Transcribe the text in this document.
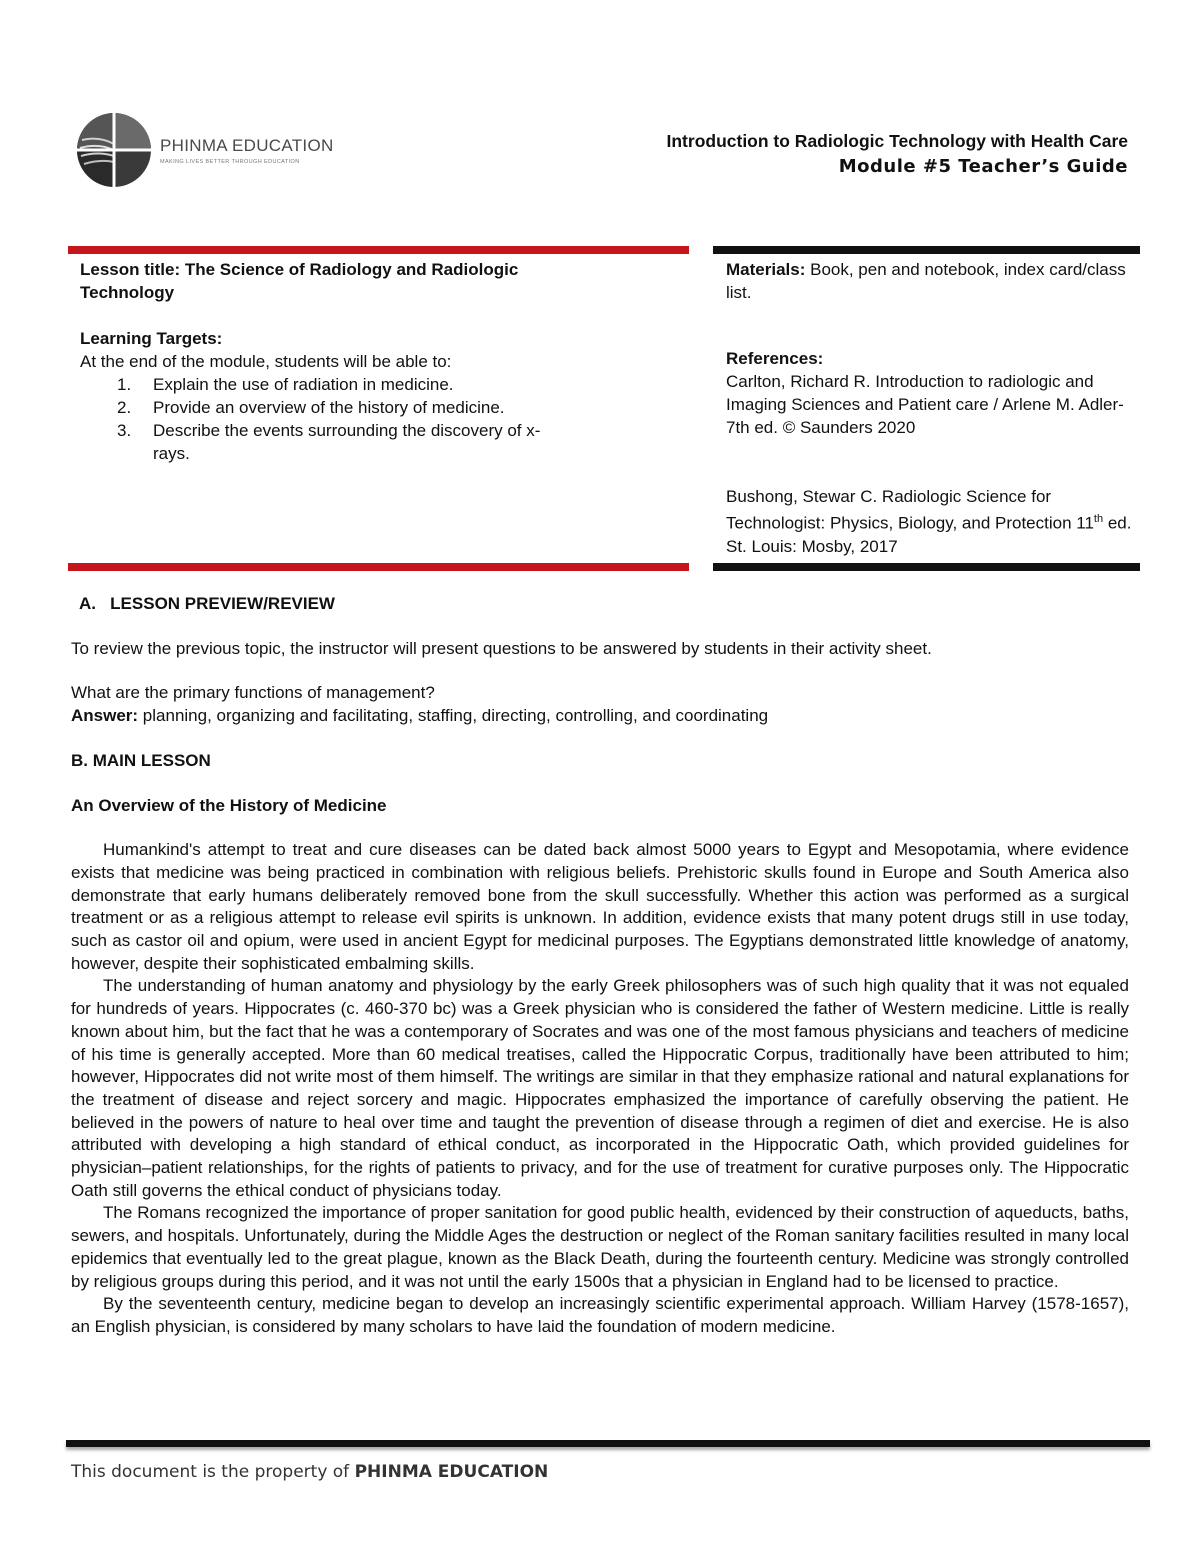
PHINMA EDUCATION
MAKING LIVES BETTER THROUGH EDUCATION
Introduction to Radiologic Technology with Health Care
Module #5 Teacher’s Guide
Lesson title: The Science of Radiology and Radiologic Technology
Learning Targets:
At the end of the module, students will be able to:
1.	Explain the use of radiation in medicine.
2.	Provide an overview of the history of medicine.
3.	Describe the events surrounding the discovery of x-rays.
Materials: Book, pen and notebook, index card/class list.
References:

Carlton, Richard R. Introduction to radiologic and Imaging Sciences and Patient care / Arlene M. Adler- 7th ed. © Saunders 2020

Bushong, Stewar C. Radiologic Science for Technologist: Physics, Biology, and Protection 11th ed. St. Louis: Mosby, 2017

A.   LESSON PREVIEW/REVIEW

To review the previous topic, the instructor will present questions to be answered by students in their activity sheet.

What are the primary functions of management?

Answer: planning, organizing and facilitating, staffing, directing, controlling, and coordinating

B. MAIN LESSON

An Overview of the History of Medicine

Humankind's attempt to treat and cure diseases can be dated back almost 5000 years to Egypt and Mesopotamia, where evidence exists that medicine was being practiced in combination with religious beliefs. Prehistoric skulls found in Europe and South America also demonstrate that early humans deliberately removed bone from the skull successfully. Whether this action was performed as a surgical treatment or as a religious attempt to release evil spirits is unknown. In addition, evidence exists that many potent drugs still in use today, such as castor oil and opium, were used in ancient Egypt for medicinal purposes. The Egyptians demonstrated little knowledge of anatomy, however, despite their sophisticated embalming skills.

The understanding of human anatomy and physiology by the early Greek philosophers was of such high quality that it was not equaled for hundreds of years. Hippocrates (c. 460-370 bc) was a Greek physician who is considered the father of Western medicine. Little is really known about him, but the fact that he was a contemporary of Socrates and was one of the most famous physicians and teachers of medicine of his time is generally accepted. More than 60 medical treatises, called the Hippocratic Corpus, traditionally have been attributed to him; however, Hippocrates did not write most of them himself. The writings are similar in that they emphasize rational and natural explanations for the treatment of disease and reject sorcery and magic. Hippocrates emphasized the importance of carefully observing the patient. He believed in the powers of nature to heal over time and taught the prevention of disease through a regimen of diet and exercise. He is also attributed with developing a high standard of ethical conduct, as incorporated in the Hippocratic Oath, which provided guidelines for physician–patient relationships, for the rights of patients to privacy, and for the use of treatment for curative purposes only. The Hippocratic Oath still governs the ethical conduct of physicians today.

The Romans recognized the importance of proper sanitation for good public health, evidenced by their construction of aqueducts, baths, sewers, and hospitals. Unfortunately, during the Middle Ages the destruction or neglect of the Roman sanitary facilities resulted in many local epidemics that eventually led to the great plague, known as the Black Death, during the fourteenth century. Medicine was strongly controlled by religious groups during this period, and it was not until the early 1500s that a physician in England had to be licensed to practice.

By the seventeenth century, medicine began to develop an increasingly scientific experimental approach. William Harvey (1578-1657), an English physician, is considered by many scholars to have laid the foundation of modern medicine.

This document is the property of PHINMA EDUCATION
